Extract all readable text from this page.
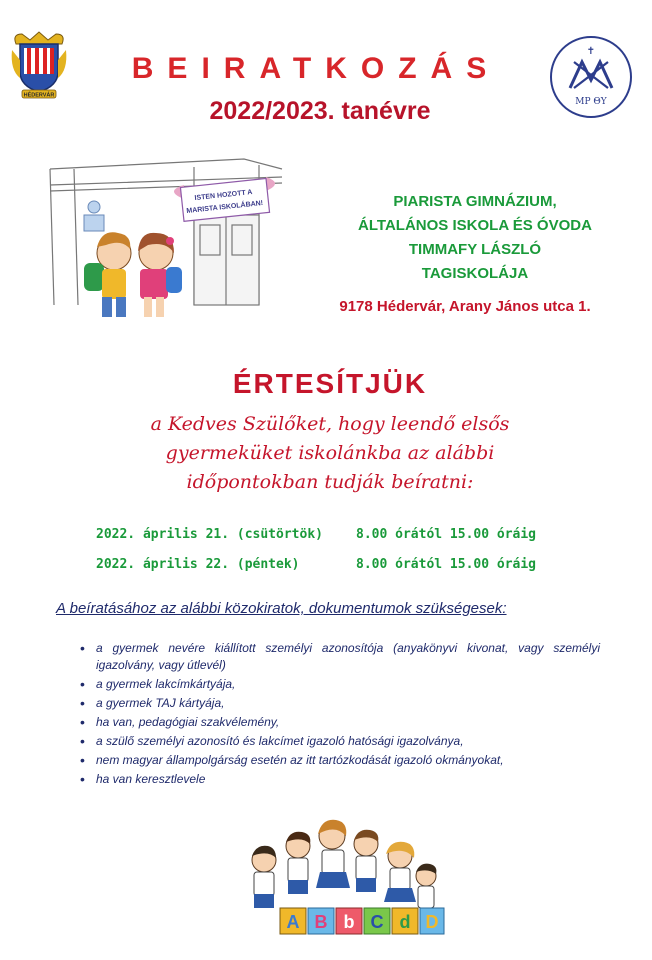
HÉDERVÁR
BEIRATKOZÁS
2022/2023. tanévre
✝
MP ΘΥ
ISTEN HOZOTT A
MARISTA ISKOLÁBAN!	PIARISTA GIMNÁZIUM,
ÁLTALÁNOS ISKOLA ÉS ÓVODA
TIMMAFY LÁSZLÓ
TAGISKOLÁJA
9178 Hédervár, Arany János utca 1.
ÉRTESÍTJÜK
a Kedves Szülőket, hogy leendő elsős
gyermeküket iskolánkba az alábbi
időpontokban tudják beíratni:
2022. április 21. (csütörtök)	8.00 órától 15.00 óráig
2022. április 22. (péntek)	8.00 órától 15.00 óráig
A beíratásához az alábbi közokiratok, dokumentumok szükségesek:
• a gyermek nevére kiállított személyi azonosítója (anyakönyvi kivonat, vagy személyi igazolvány, vagy útlevél)
• a gyermek lakcímkártyája,
• a gyermek TAJ kártyája,
• ha van, pedagógiai szakvélemény,
• a szülő személyi azonosító és lakcímet igazoló hatósági igazolványa,
• nem magyar állampolgárság esetén az itt tartózkodását igazoló okmányokat,
• ha van keresztlevele
A B b C d D
